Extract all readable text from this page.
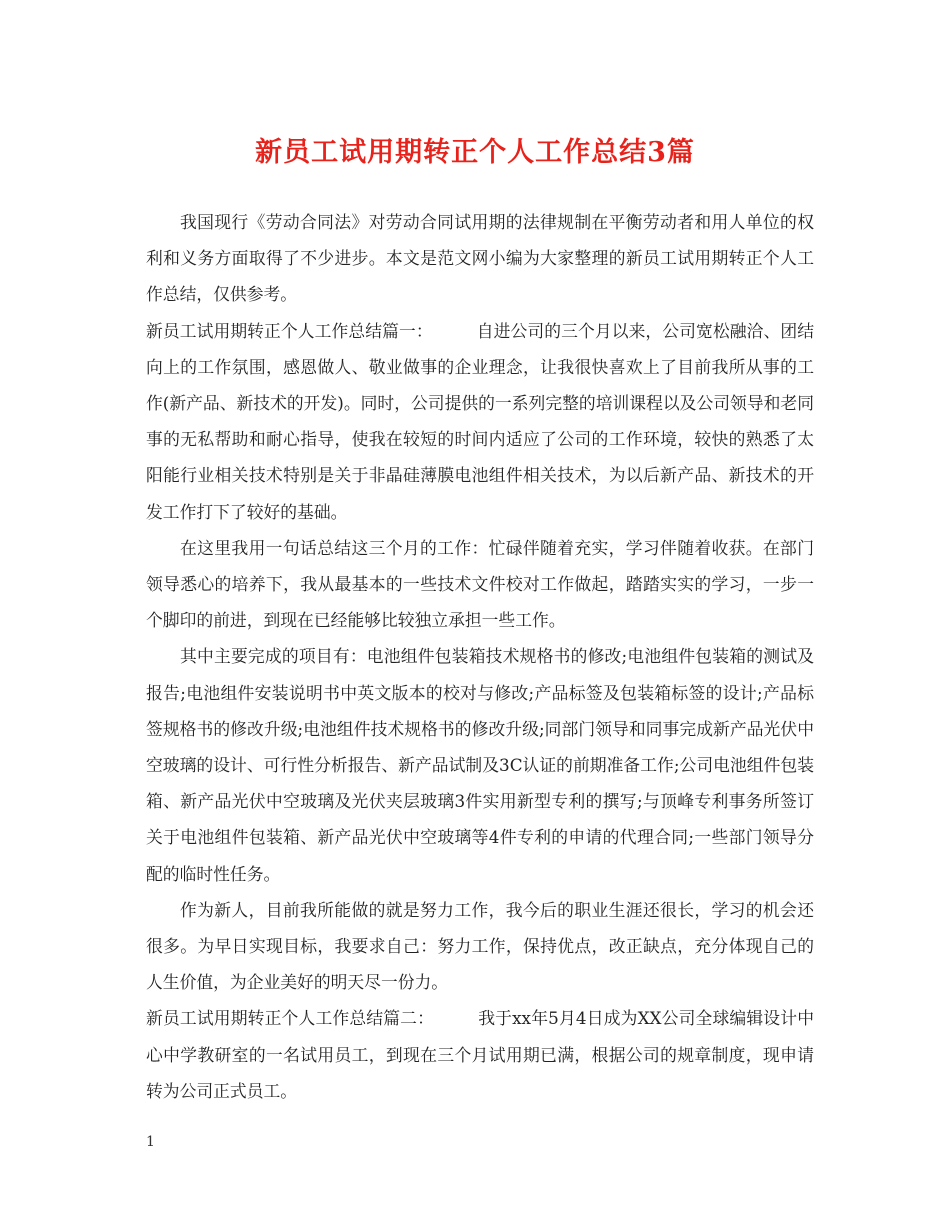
新员工试用期转正个人工作总结3篇

我国现行《劳动合同法》对劳动合同试用期的法律规制在平衡劳动者和用人单位的权利和义务方面取得了不少进步。本文是范文网小编为大家整理的新员工试用期转正个人工作总结，仅供参考。

新员工试用期转正个人工作总结篇一：	自进公司的三个月以来，公司宽松融洽、团结向上的工作氛围，感恩做人、敬业做事的企业理念，让我很快喜欢上了目前我所从事的工作(新产品、新技术的开发)。同时，公司提供的一系列完整的培训课程以及公司领导和老同事的无私帮助和耐心指导，使我在较短的时间内适应了公司的工作环境，较快的熟悉了太阳能行业相关技术特别是关于非晶硅薄膜电池组件相关技术，为以后新产品、新技术的开发工作打下了较好的基础。

在这里我用一句话总结这三个月的工作：忙碌伴随着充实，学习伴随着收获。在部门领导悉心的培养下，我从最基本的一些技术文件校对工作做起，踏踏实实的学习，一步一个脚印的前进，到现在已经能够比较独立承担一些工作。

其中主要完成的项目有：电池组件包装箱技术规格书的修改;电池组件包装箱的测试及报告;电池组件安装说明书中英文版本的校对与修改;产品标签及包装箱标签的设计;产品标签规格书的修改升级;电池组件技术规格书的修改升级;同部门领导和同事完成新产品光伏中空玻璃的设计、可行性分析报告、新产品试制及3C认证的前期准备工作;公司电池组件包装箱、新产品光伏中空玻璃及光伏夹层玻璃3件实用新型专利的撰写;与顶峰专利事务所签订关于电池组件包装箱、新产品光伏中空玻璃等4件专利的申请的代理合同;一些部门领导分配的临时性任务。

作为新人，目前我所能做的就是努力工作，我今后的职业生涯还很长，学习的机会还很多。为早日实现目标，我要求自己：努力工作，保持优点，改正缺点，充分体现自己的人生价值，为企业美好的明天尽一份力。

新员工试用期转正个人工作总结篇二：	我于xx年5月4日成为XX公司全球编辑设计中心中学教研室的一名试用员工，到现在三个月试用期已满，根据公司的规章制度，现申请转为公司正式员工。

1
